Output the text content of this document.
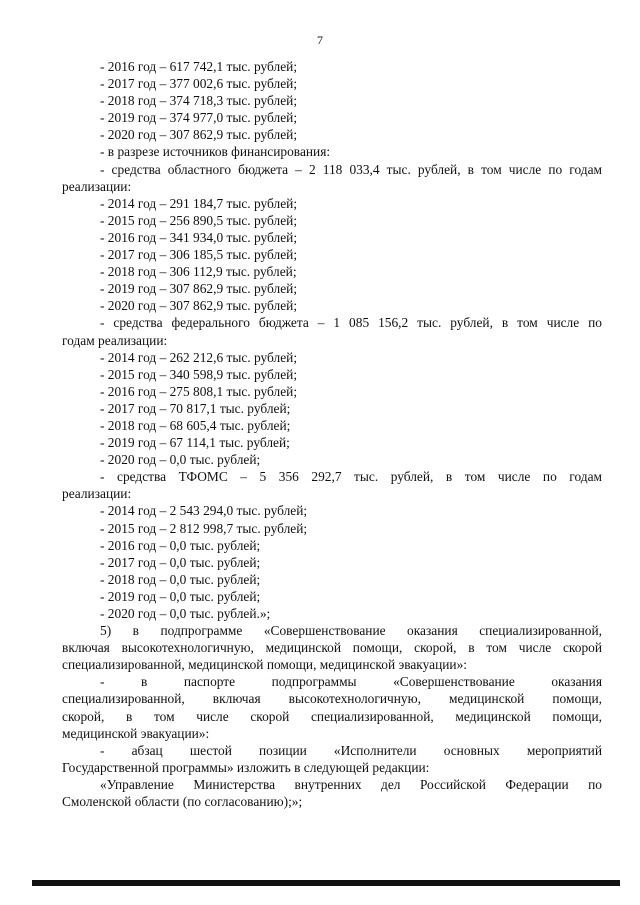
7
- 2016 год – 617 742,1 тыс. рублей;
- 2017 год – 377 002,6 тыс. рублей;
- 2018 год – 374 718,3 тыс. рублей;
- 2019 год – 374 977,0 тыс. рублей;
- 2020 год – 307 862,9 тыс. рублей;
- в разрезе источников финансирования:
- средства областного бюджета – 2 118 033,4 тыс. рублей, в том числе по годам
реализации:
- 2014 год – 291 184,7 тыс. рублей;
- 2015 год – 256 890,5 тыс. рублей;
- 2016 год – 341 934,0 тыс. рублей;
- 2017 год – 306 185,5 тыс. рублей;
- 2018 год – 306 112,9 тыс. рублей;
- 2019 год – 307 862,9 тыс. рублей;
- 2020 год – 307 862,9 тыс. рублей;
- средства федерального бюджета – 1 085 156,2 тыс. рублей, в том числе по
годам реализации:
- 2014 год – 262 212,6 тыс. рублей;
- 2015 год – 340 598,9 тыс. рублей;
- 2016 год – 275 808,1 тыс. рублей;
- 2017 год – 70 817,1 тыс. рублей;
- 2018 год – 68 605,4 тыс. рублей;
- 2019 год – 67 114,1 тыс. рублей;
- 2020 год – 0,0 тыс. рублей;
- средства ТФОМС – 5 356 292,7 тыс. рублей, в том числе по годам
реализации:
- 2014 год – 2 543 294,0 тыс. рублей;
- 2015 год – 2 812 998,7 тыс. рублей;
- 2016 год – 0,0 тыс. рублей;
- 2017 год – 0,0 тыс. рублей;
- 2018 год – 0,0 тыс. рублей;
- 2019 год – 0,0 тыс. рублей;
- 2020 год – 0,0 тыс. рублей.»;
5) в подпрограмме «Совершенствование оказания специализированной,
включая высокотехнологичную, медицинской помощи, скорой, в том числе скорой
специализированной, медицинской помощи, медицинской эвакуации»:
- в паспорте подпрограммы «Совершенствование оказания
специализированной, включая высокотехнологичную, медицинской помощи,
скорой, в том числе скорой специализированной, медицинской помощи,
медицинской эвакуации»:
- абзац шестой позиции «Исполнители основных мероприятий
Государственной программы» изложить в следующей редакции:
«Управление Министерства внутренних дел Российской Федерации по
Смоленской области (по согласованию);»;
